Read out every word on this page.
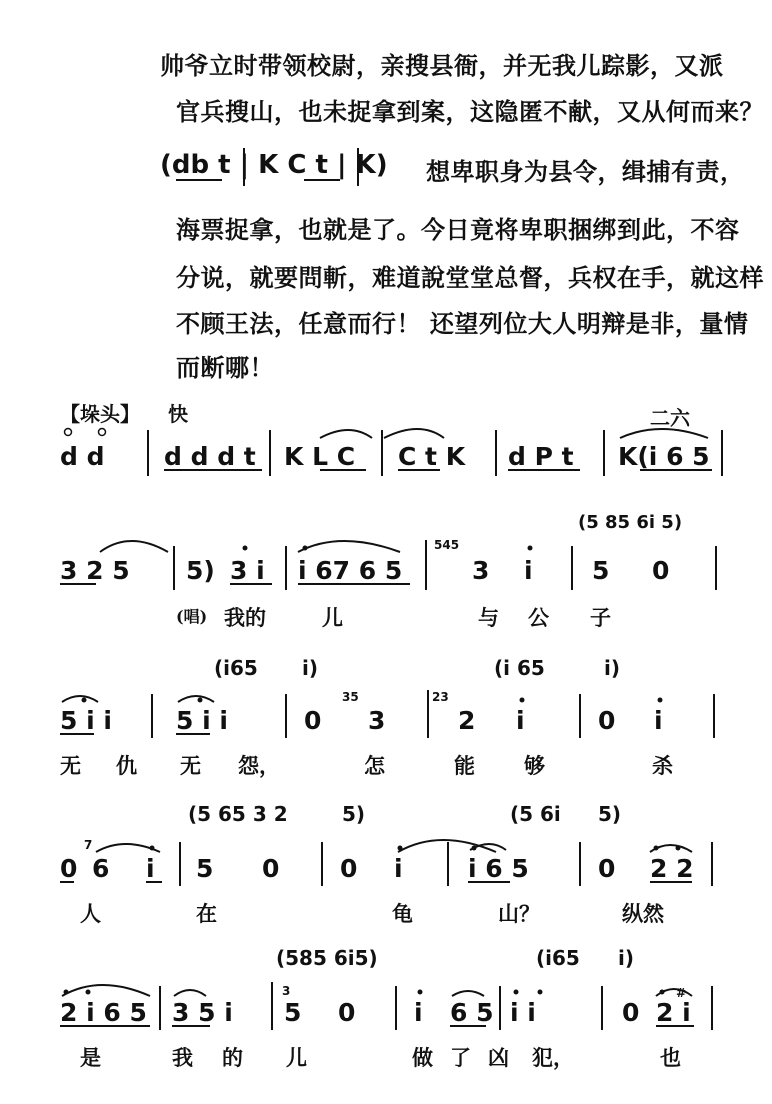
帅爷立时带领校尉，亲搜县衙，并无我儿踪影，又派
官兵搜山，也未捉拿到案，这隐匿不献，又从何而来？
(db t | K C t | K) 想卑职身为县令，缉捕有责，
海票捉拿，也就是了。今日竟将卑职捆绑到此，不容
分说，就要問斬，难道說堂堂总督，兵权在手，就这样
不顾王法，任意而行！ 还望列位大人明辩是非，量情
而断哪！
【垛头】 快	二六
d d d d d t K L C C t K d P t K(i 6 5
(5 85 6i 5)
545
3 2 5 5) 3 i i 67 6 5	3 i 5 0
(唱) 我的	儿	与 公 子
(i65 i)	(i 65	i)
35	23
5 i i	5 i i	0 3	2 i	0 i
无 仇 无 怨，	怎	能 够	杀
(5 65 3 2	5)	(5 6i 5)
7
0 6 i 5 0 0 i	i 6 5	0 2 2
人	在	龟	山？	纵然
(585 6i5)	(i65 i)
3	#
2 i 6 5 3 5 i 5 0 i 6 5 i i	0 2 i
是	我 的 儿	做 了 凶 犯，	也
